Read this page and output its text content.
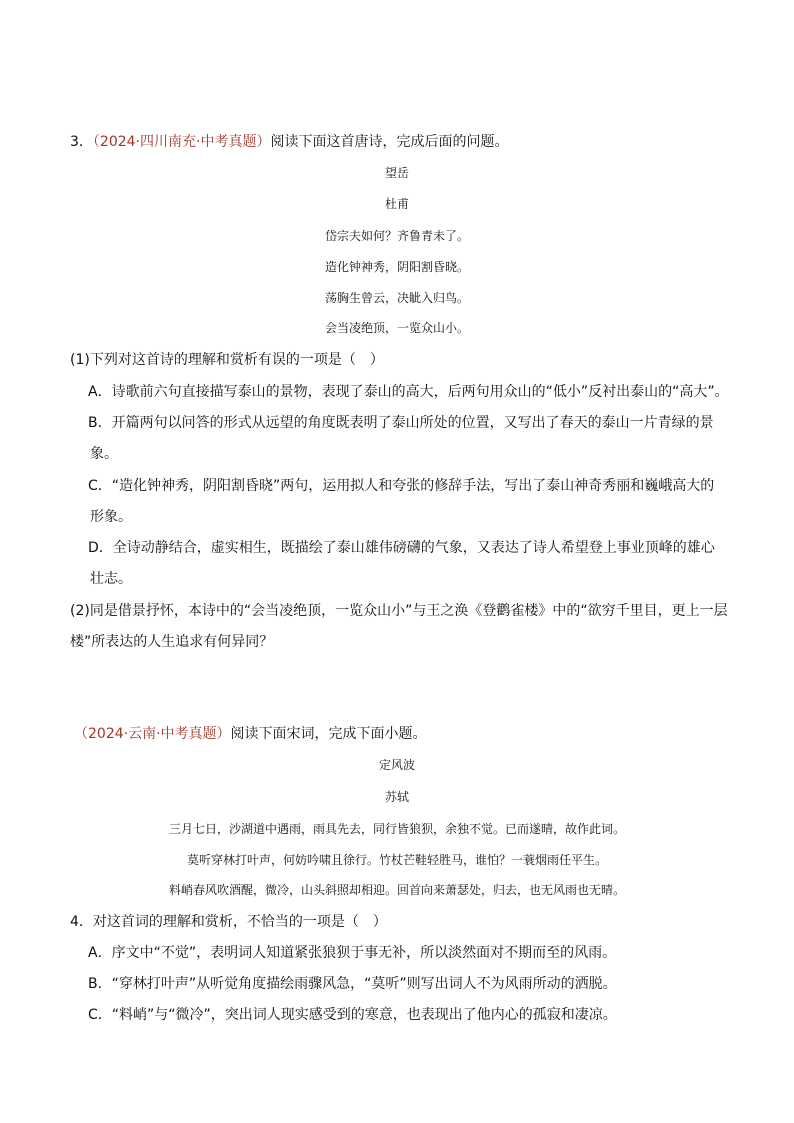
3．（2024·四川南充·中考真题）阅读下面这首唐诗，完成后面的问题。
望岳
杜甫
岱宗夫如何？齐鲁青未了。
造化钟神秀，阴阳割昏晓。
荡胸生曾云，决眦入归鸟。
会当凌绝顶，一览众山小。
(1)下列对这首诗的理解和赏析有误的一项是（　）
A．诗歌前六句直接描写泰山的景物，表现了泰山的高大，后两句用众山的“低小”反衬出泰山的“高大”。
B．开篇两句以问答的形式从远望的角度既表明了泰山所处的位置，又写出了春天的泰山一片青绿的景
象。
C．“造化钟神秀，阴阳割昏晓”两句，运用拟人和夸张的修辞手法，写出了泰山神奇秀丽和巍峨高大的
形象。
D．全诗动静结合，虚实相生，既描绘了泰山雄伟磅礴的气象，又表达了诗人希望登上事业顶峰的雄心
壮志。
(2)同是借景抒怀，本诗中的“会当凌绝顶，一览众山小”与王之涣《登鹳雀楼》中的“欲穷千里目，更上一层
楼”所表达的人生追求有何异同？
（2024·云南·中考真题）阅读下面宋词，完成下面小题。
定风波
苏轼
三月七日，沙湖道中遇雨，雨具先去，同行皆狼狈，余独不觉。已而遂晴，故作此词。
莫听穿林打叶声，何妨吟啸且徐行。竹杖芒鞋轻胜马，谁怕？一蓑烟雨任平生。
料峭春风吹酒醒，微冷，山头斜照却相迎。回首向来萧瑟处，归去，也无风雨也无晴。
4．对这首词的理解和赏析，不恰当的一项是（　）
A．序文中“不觉”，表明词人知道紧张狼狈于事无补，所以淡然面对不期而至的风雨。
B．“穿林打叶声”从听觉角度描绘雨骤风急，“莫听”则写出词人不为风雨所动的洒脱。
C．“料峭”与“微冷”，突出词人现实感受到的寒意，也表现出了他内心的孤寂和凄凉。
